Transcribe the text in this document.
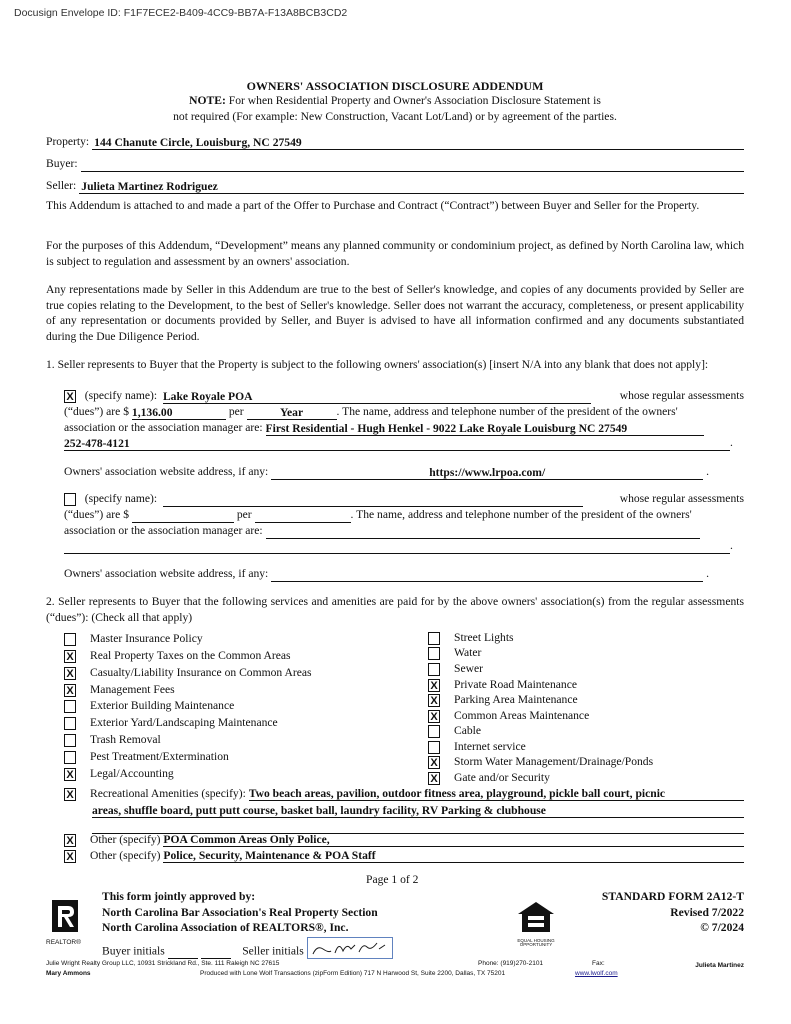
Docusign Envelope ID: F1F7ECE2-B409-4CC9-BB7A-F13A8BCB3CD2
OWNERS' ASSOCIATION DISCLOSURE ADDENDUM
NOTE: For when Residential Property and Owner's Association Disclosure Statement is
not required (For example: New Construction, Vacant Lot/Land) or by agreement of the parties.
Property: 144 Chanute Circle, Louisburg, NC 27549
Buyer:
Seller: Julieta Martinez Rodriguez
This Addendum is attached to and made a part of the Offer to Purchase and Contract (“Contract”) between Buyer and Seller for the Property.
For the purposes of this Addendum, “Development” means any planned community or condominium project, as defined by North Carolina law, which is subject to regulation and assessment by an owners' association.
Any representations made by Seller in this Addendum are true to the best of Seller's knowledge, and copies of any documents provided by Seller are true copies relating to the Development, to the best of Seller's knowledge. Seller does not warrant the accuracy, completeness, or present applicability of any representation or documents provided by Seller, and Buyer is advised to have all information confirmed and any documents substantiated during the Due Diligence Period.
1. Seller represents to Buyer that the Property is subject to the following owners' association(s) [insert N/A into any blank that does not apply]:
X (specify name): Lake Royale POA	whose regular assessments
(“dues”) are $ 1,136.00	per	Year	. The name, address and telephone number of the president of the owners'
association or the association manager are: First Residential - Hugh Henkel - 9022 Lake Royale Louisburg NC 27549
252-478-4121	.
Owners' association website address, if any:	https://www.lrpoa.com/	.
(specify name):	whose regular assessments
(“dues”) are $	per	. The name, address and telephone number of the president of the owners'
association or the association manager are:
.
Owners' association website address, if any:	.
2. Seller represents to Buyer that the following services and amenities are paid for by the above owners' association(s) from the regular assessments (“dues”): (Check all that apply)
Master Insurance Policy
X Real Property Taxes on the Common Areas
X Casualty/Liability Insurance on Common Areas
X Management Fees
Exterior Building Maintenance
Exterior Yard/Landscaping Maintenance
Trash Removal
Pest Treatment/Extermination
X Legal/Accounting
Street Lights
Water
Sewer
X Private Road Maintenance
X Parking Area Maintenance
X Common Areas Maintenance
Cable
Internet service
X Storm Water Management/Drainage/Ponds
X Gate and/or Security
X Recreational Amenities (specify):
Two beach areas, pavilion, outdoor fitness area, playground, pickle ball court, picnic
areas, shuffle board, putt putt course, basket ball, laundry facility, RV Parking & clubhouse
X Other (specify)
POA Common Areas Only Police,
X Other (specify)
Police, Security, Maintenance & POA Staff
Page 1 of 2
This form jointly approved by:
North Carolina Bar Association's Real Property Section
North Carolina Association of REALTORS®, Inc.
STANDARD FORM 2A12-T
Revised 7/2022
© 7/2024
Buyer initials	Seller initials
Julie Wright Realty Group LLC, 10931 Strickland Rd., Ste. 111 Raleigh NC 27615	Phone: (919)270-2101	Fax:	Julieta Martinez
Mary Ammons	Produced with Lone Wolf Transactions (zipForm Edition) 717 N Harwood St, Suite 2200, Dallas, TX 75201	www.lwolf.com
REALTOR®	EQUAL HOUSING OPPORTUNITY
